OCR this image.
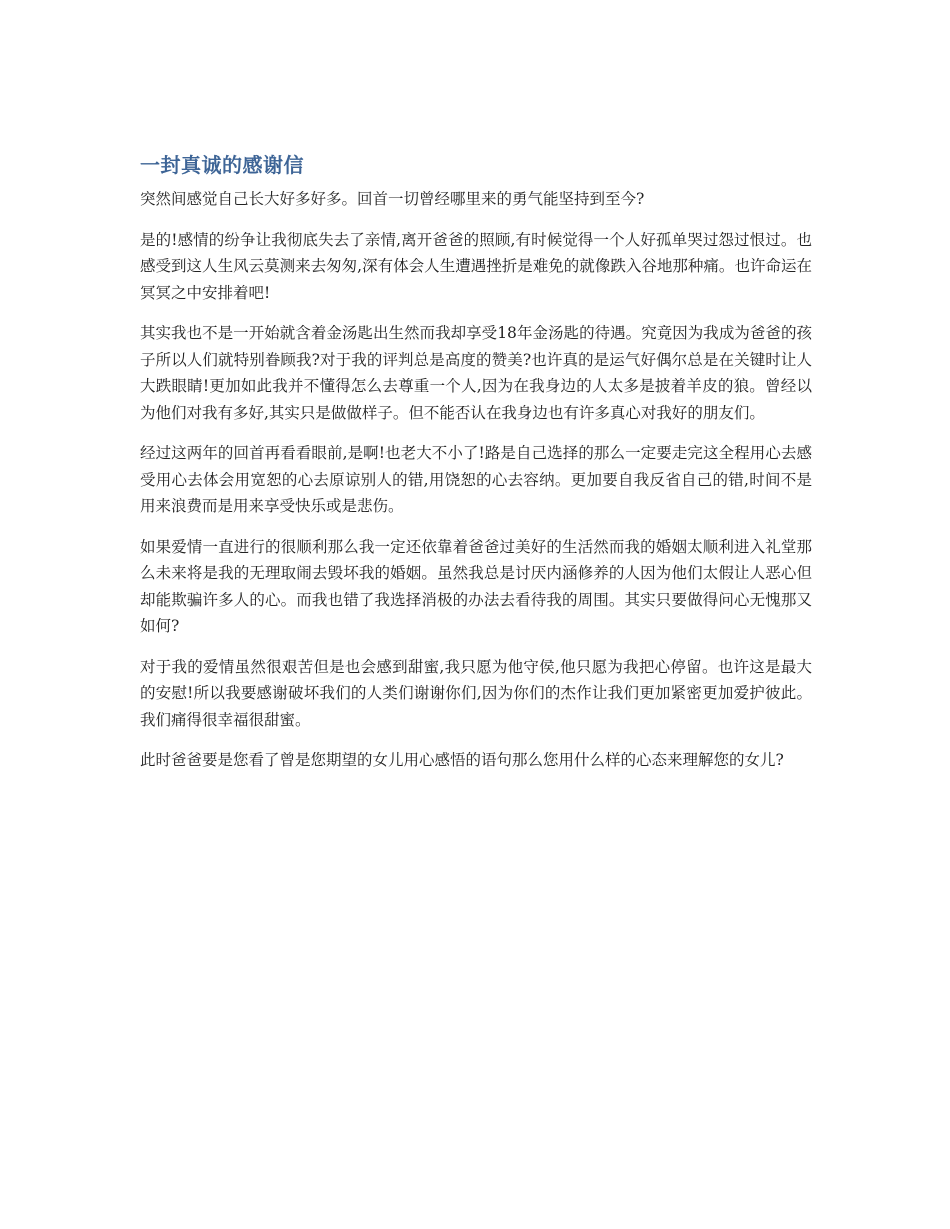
一封真诚的感谢信

突然间感觉自己长大好多好多。回首一切曾经哪里来的勇气能坚持到至今?

是的!感情的纷争让我彻底失去了亲情,离开爸爸的照顾,有时候觉得一个人好孤单哭过怨过恨过。也感受到这人生风云莫测来去匆匆,深有体会人生遭遇挫折是难免的就像跌入谷地那种痛。也许命运在冥冥之中安排着吧!

其实我也不是一开始就含着金汤匙出生然而我却享受18年金汤匙的待遇。究竟因为我成为爸爸的孩子所以人们就特别眷顾我?对于我的评判总是高度的赞美?也许真的是运气好偶尔总是在关键时让人大跌眼睛!更加如此我并不懂得怎么去尊重一个人,因为在我身边的人太多是披着羊皮的狼。曾经以为他们对我有多好,其实只是做做样子。但不能否认在我身边也有许多真心对我好的朋友们。

经过这两年的回首再看看眼前,是啊!也老大不小了!路是自己选择的那么一定要走完这全程用心去感受用心去体会用宽恕的心去原谅别人的错,用饶恕的心去容纳。更加要自我反省自己的错,时间不是用来浪费而是用来享受快乐或是悲伤。

如果爱情一直进行的很顺利那么我一定还依靠着爸爸过美好的生活然而我的婚姻太顺利进入礼堂那么未来将是我的无理取闹去毁坏我的婚姻。虽然我总是讨厌内涵修养的人因为他们太假让人恶心但却能欺骗许多人的心。而我也错了我选择消极的办法去看待我的周围。其实只要做得问心无愧那又如何?

对于我的爱情虽然很艰苦但是也会感到甜蜜,我只愿为他守侯,他只愿为我把心停留。也许这是最大的安慰!所以我要感谢破坏我们的人类们谢谢你们,因为你们的杰作让我们更加紧密更加爱护彼此。我们痛得很幸福很甜蜜。

此时爸爸要是您看了曾是您期望的女儿用心感悟的语句那么您用什么样的心态来理解您的女儿?
